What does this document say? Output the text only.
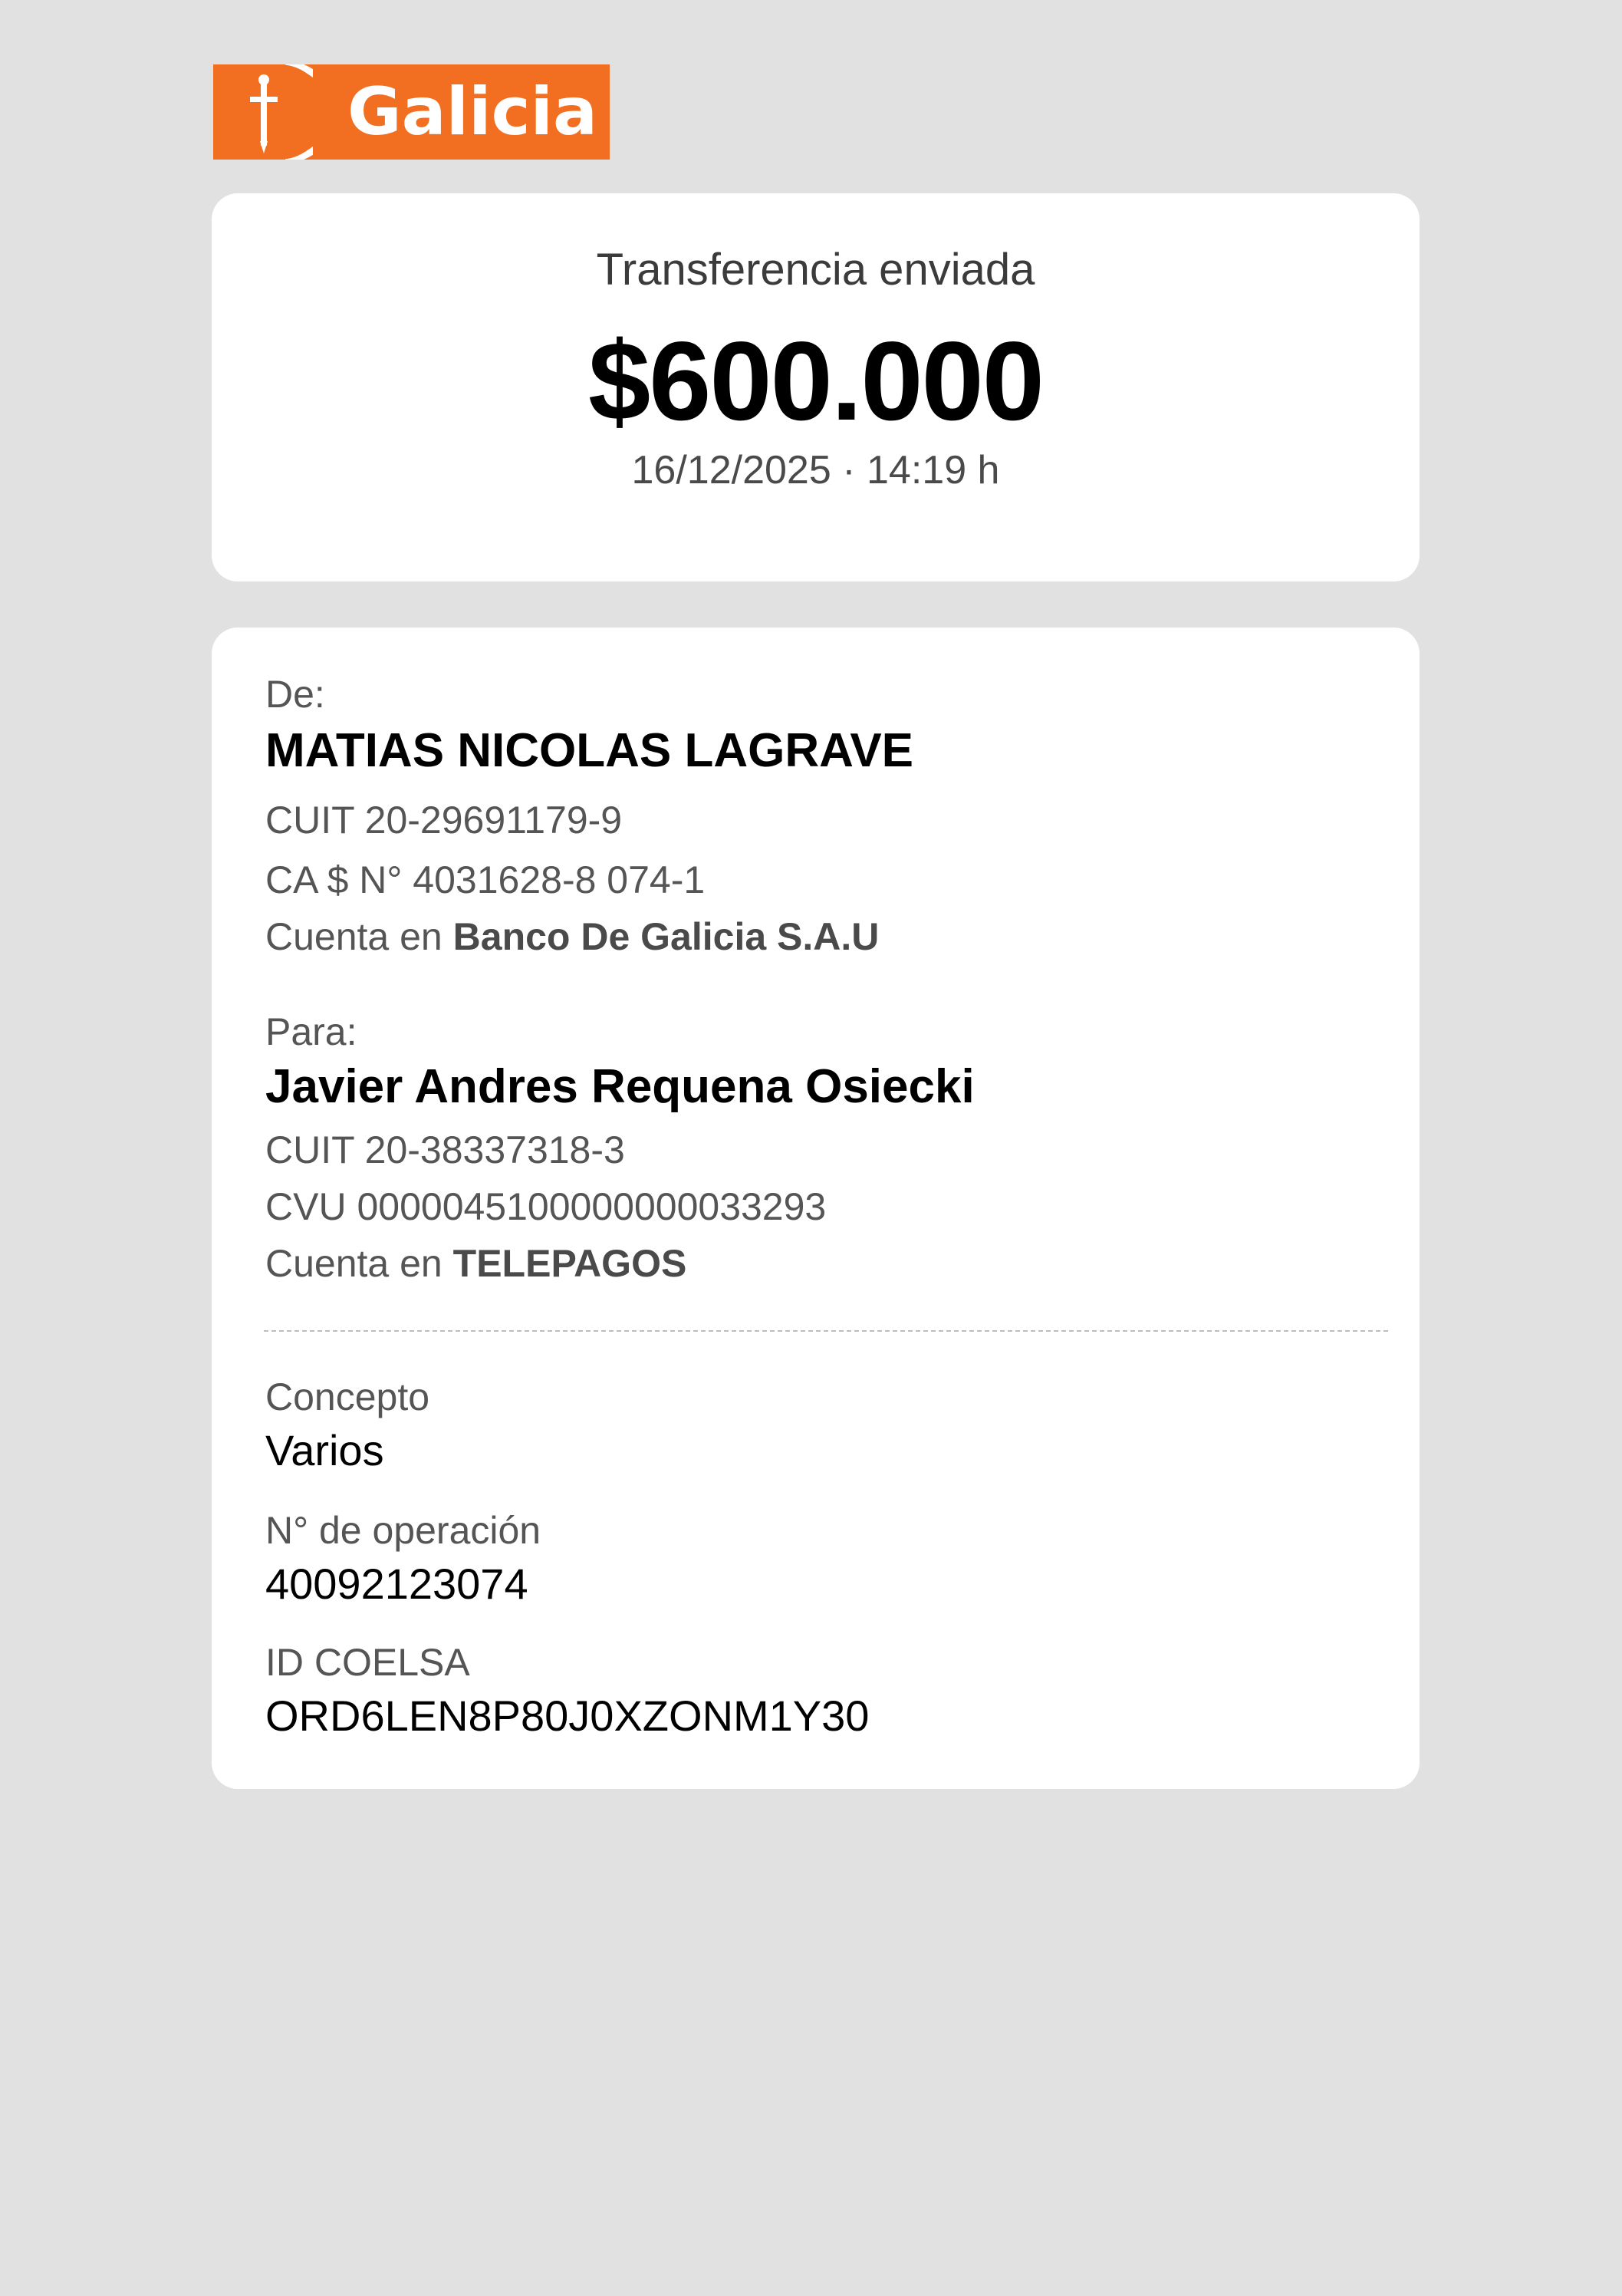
Galicia
Transferencia enviada
$600.000
De:
MATIAS NICOLAS LAGRAVE
CUIT 20-29691179-9
CA $ N° 4031628-8 074-1
Cuenta en Banco De Galicia S.A.U
Para:
Javier Andres Requena Osiecki
CUIT 20-38337318-3
CVU 0000045100000000033293
Cuenta en TELEPAGOS
Concepto
Varios
N° de operación
40092123074
ID COELSA
ORD6LEN8P80J0XZONM1Y30
16/12/2025 · 14:19 h
